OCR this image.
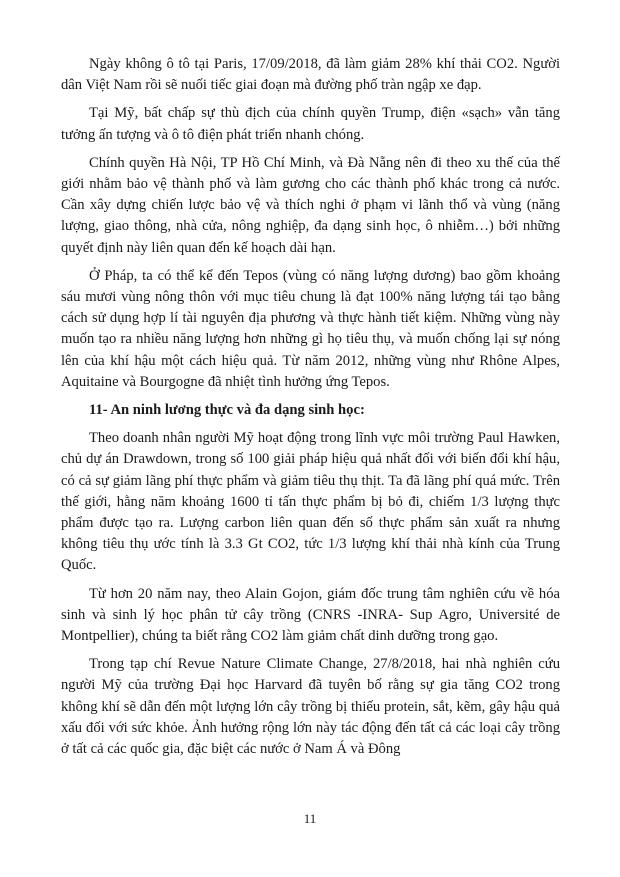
Ngày không ô tô tại Paris, 17/09/2018, đã làm giảm 28% khí thải CO2. Người dân Việt Nam rồi sẽ nuối tiếc giai đoạn mà đường phố tràn ngập xe đạp.

Tại Mỹ, bất chấp sự thù địch của chính quyền Trump, điện «sạch» vẫn tăng tưởng ấn tượng và ô tô điện phát triển nhanh chóng.

Chính quyền Hà Nội, TP Hồ Chí Minh, và Đà Nẵng nên đi theo xu thế của thế giới nhằm bảo vệ thành phố và làm gương cho các thành phố khác trong cả nước. Cần xây dựng chiến lược bảo vệ và thích nghi ở phạm vi lãnh thổ và vùng (năng lượng, giao thông, nhà cửa, nông nghiệp, đa dạng sinh học, ô nhiễm…) bởi những quyết định này liên quan đến kế hoạch dài hạn.

Ở Pháp, ta có thể kể đến Tepos (vùng có năng lượng dương) bao gồm khoảng sáu mươi vùng nông thôn với mục tiêu chung là đạt 100% năng lượng tái tạo bằng cách sử dụng hợp lí tài nguyên địa phương và thực hành tiết kiệm. Những vùng này muốn tạo ra nhiều năng lượng hơn những gì họ tiêu thụ, và muốn chống lại sự nóng lên của khí hậu một cách hiệu quả. Từ năm 2012, những vùng như Rhône Alpes, Aquitaine và Bourgogne đã nhiệt tình hưởng ứng Tepos.

11- An ninh lương thực và đa dạng sinh học:

Theo doanh nhân người Mỹ hoạt động trong lĩnh vực môi trường Paul Hawken, chủ dự án Drawdown, trong số 100 giải pháp hiệu quả nhất đối với biến đổi khí hậu, có cả sự giảm lãng phí thực phẩm và giảm tiêu thụ thịt. Ta đã lãng phí quá mức. Trên thế giới, hằng năm khoảng 1600 tỉ tấn thực phẩm bị bỏ đi, chiếm 1/3 lượng thực phẩm được tạo ra. Lượng carbon liên quan đến số thực phẩm sản xuất ra nhưng không tiêu thụ ước tính là 3.3 Gt CO2, tức 1/3 lượng khí thải nhà kính của Trung Quốc.

Từ hơn 20 năm nay, theo Alain Gojon, giám đốc trung tâm nghiên cứu về hóa sinh và sinh lý học phân tử cây trồng (CNRS -INRA- Sup Agro, Université de Montpellier), chúng ta biết rằng CO2 làm giảm chất dinh dưỡng trong gạo.

Trong tạp chí Revue Nature Climate Change, 27/8/2018, hai nhà nghiên cứu người Mỹ của trường Đại học Harvard đã tuyên bố rằng sự gia tăng CO2 trong không khí sẽ dẫn đến một lượng lớn cây trồng bị thiếu protein, sắt, kẽm, gây hậu quả xấu đối với sức khỏe. Ảnh hưởng rộng lớn này tác động đến tất cả các loại cây trồng ở tất cả các quốc gia, đặc biệt các nước ở Nam Á và Đông

11
